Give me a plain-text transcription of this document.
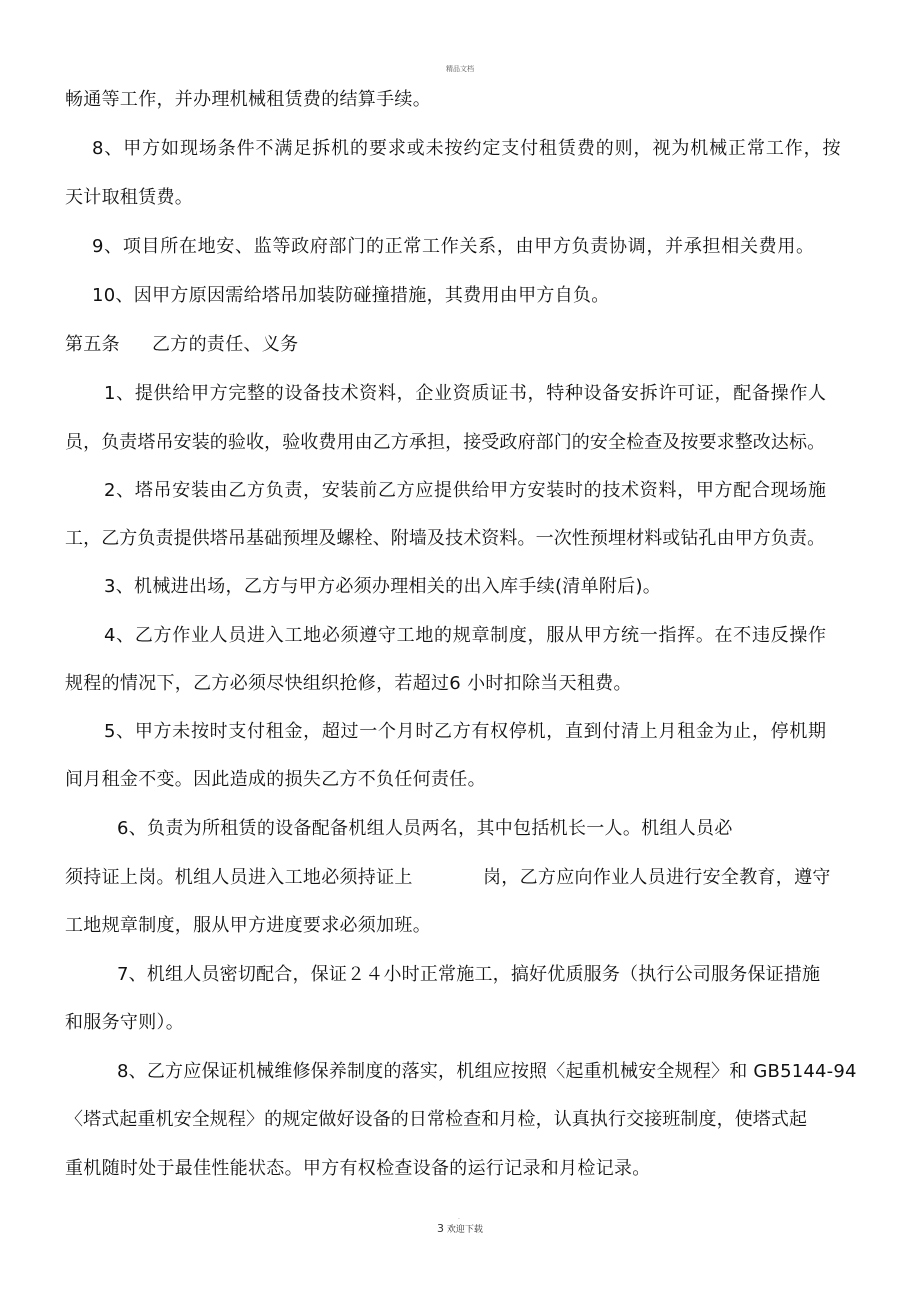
精品文档
畅通等工作，并办理机械租赁费的结算手续。
8、甲方如现场条件不满足拆机的要求或未按约定支付租赁费的则，视为机械正常工作，按
天计取租赁费。
9、项目所在地安、监等政府部门的正常工作关系，由甲方负责协调，并承担相关费用。
10、因甲方原因需给塔吊加装防碰撞措施，其费用由甲方自负。
第五条 乙方的责任、义务
1、提供给甲方完整的设备技术资料，企业资质证书，特种设备安拆许可证，配备操作人
员，负责塔吊安装的验收，验收费用由乙方承担，接受政府部门的安全检查及按要求整改达标。
2、塔吊安装由乙方负责，安装前乙方应提供给甲方安装时的技术资料，甲方配合现场施
工，乙方负责提供塔吊基础预埋及螺栓、附墙及技术资料。一次性预埋材料或钻孔由甲方负责。
3、机械进出场，乙方与甲方必须办理相关的出入库手续(清单附后)。
4、乙方作业人员进入工地必须遵守工地的规章制度，服从甲方统一指挥。在不违反操作
规程的情况下，乙方必须尽快组织抢修，若超过6 小时扣除当天租费。
5、甲方未按时支付租金，超过一个月时乙方有权停机，直到付清上月租金为止，停机期
间月租金不变。因此造成的损失乙方不负任何责任。
6、负责为所租赁的设备配备机组人员两名，其中包括机长一人。机组人员必
须持证上岗。机组人员进入工地必须持证上	岗，乙方应向作业人员进行安全教育，遵守
工地规章制度，服从甲方进度要求必须加班。
7、机组人员密切配合，保证２４小时正常施工，搞好优质服务（执行公司服务保证措施
和服务守则）。
8、乙方应保证机械维修保养制度的落实，机组应按照〈起重机械安全规程〉和 GB5144-94
〈塔式起重机安全规程〉的规定做好设备的日常检查和月检，认真执行交接班制度，使塔式起
重机随时处于最佳性能状态。甲方有权检查设备的运行记录和月检记录。
.
3 欢迎下载
